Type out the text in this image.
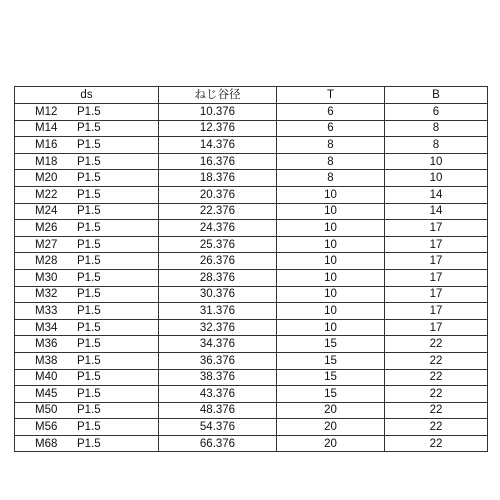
ds	ねじ谷径	T	B
M12 P1.5	10.376	6	6
M14 P1.5	12.376	6	8
M16 P1.5	14.376	8	8
M18 P1.5	16.376	8	10
M20 P1.5	18.376	8	10
M22 P1.5	20.376	10	14
M24 P1.5	22.376	10	14
M26 P1.5	24.376	10	17
M27 P1.5	25.376	10	17
M28 P1.5	26.376	10	17
M30 P1.5	28.376	10	17
M32 P1.5	30.376	10	17
M33 P1.5	31.376	10	17
M34 P1.5	32.376	10	17
M36 P1.5	34.376	15	22
M38 P1.5	36.376	15	22
M40 P1.5	38.376	15	22
M45 P1.5	43.376	15	22
M50 P1.5	48.376	20	22
M56 P1.5	54.376	20	22
M68 P1.5	66.376	20	22
